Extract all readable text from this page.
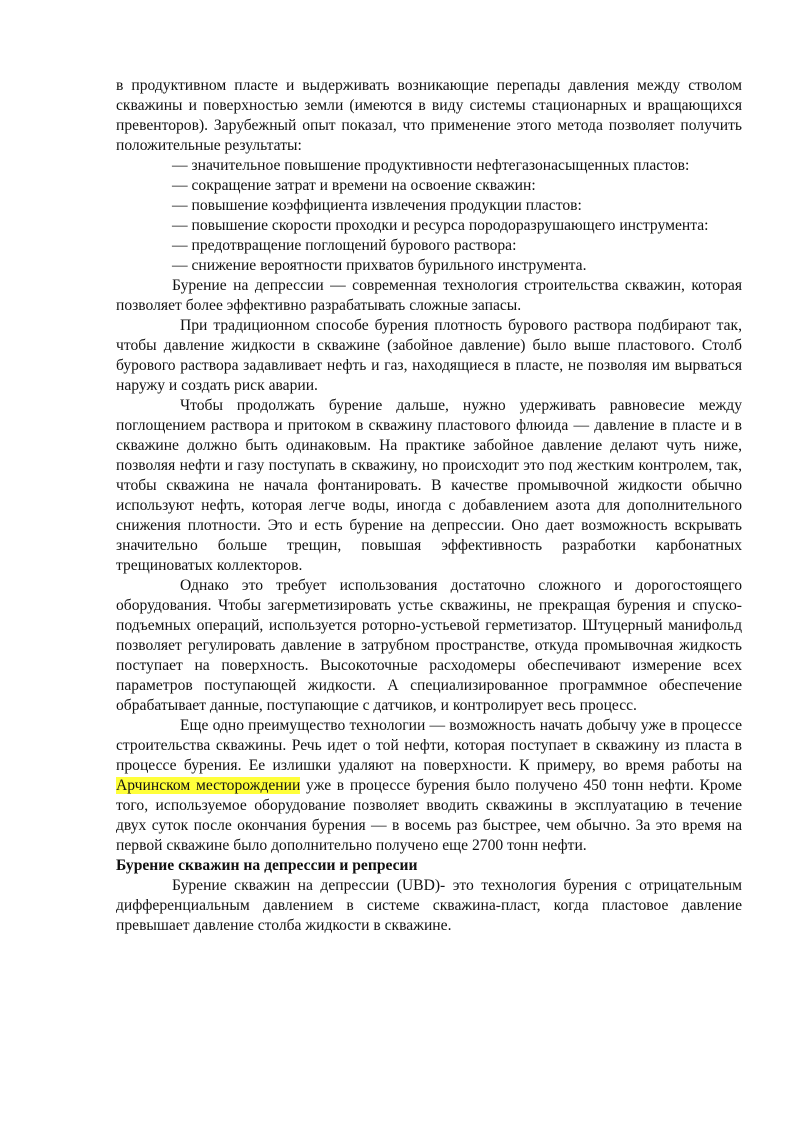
в продуктивном пласте и выдерживать возникающие перепады давления между стволом скважины и поверхностью земли (имеются в виду системы стационарных и вращающихся превенторов). Зарубежный опыт показал, что применение этого метода позволяет получить положительные результаты:

— значительное повышение продуктивности нефтегазонасыщенных пластов:

— сокращение затрат и времени на освоение скважин:

— повышение коэффициента извлечения продукции пластов:

— повышение скорости проходки и ресурса породоразрушающего инструмента:

— предотвращение поглощений бурового раствора:

— снижение вероятности прихватов бурильного инструмента.

Бурение на депрессии — современная технология строительства скважин, которая позволяет более эффективно разрабатывать сложные запасы.

При традиционном способе бурения плотность бурового раствора подбирают так, чтобы давление жидкости в скважине (забойное давление) было выше пластового. Столб бурового раствора задавливает нефть и газ, находящиеся в пласте, не позволяя им вырваться наружу и создать риск аварии.

Чтобы продолжать бурение дальше, нужно удерживать равновесие между поглощением раствора и притоком в скважину пластового флюида — давление в пласте и в скважине должно быть одинаковым. На практике забойное давление делают чуть ниже, позволяя нефти и газу поступать в скважину, но происходит это под жестким контролем, так, чтобы скважина не начала фонтанировать. В качестве промывочной жидкости обычно используют нефть, которая легче воды, иногда с добавлением азота для дополнительного снижения плотности. Это и есть бурение на депрессии. Оно дает возможность вскрывать значительно больше трещин, повышая эффективность разработки карбонатных трещиноватых коллекторов.

Однако это требует использования достаточно сложного и дорогостоящего оборудования. Чтобы загерметизировать устье скважины, не прекращая бурения и спуско-подъемных операций, используется роторно-устьевой герметизатор. Штуцерный манифольд позволяет регулировать давление в затрубном пространстве, откуда промывочная жидкость поступает на поверхность. Высокоточные расходомеры обеспечивают измерение всех параметров поступающей жидкости. А специализированное программное обеспечение обрабатывает данные, поступающие с датчиков, и контролирует весь процесс.

Еще одно преимущество технологии — возможность начать добычу уже в процессе строительства скважины. Речь идет о той нефти, которая поступает в скважину из пласта в процессе бурения. Ее излишки удаляют на поверхности. К примеру, во время работы на Арчинском месторождении уже в процессе бурения было получено 450 тонн нефти. Кроме того, используемое оборудование позволяет вводить скважины в эксплуатацию в течение двух суток после окончания бурения — в восемь раз быстрее, чем обычно. За это время на первой скважине было дополнительно получено еще 2700 тонн нефти.

Бурение скважин на депрессии и репресии

Бурение скважин на депрессии (UBD)- это технология бурения с отрицательным дифференциальным давлением в системе скважина-пласт, когда пластовое давление превышает давление столба жидкости в скважине.
